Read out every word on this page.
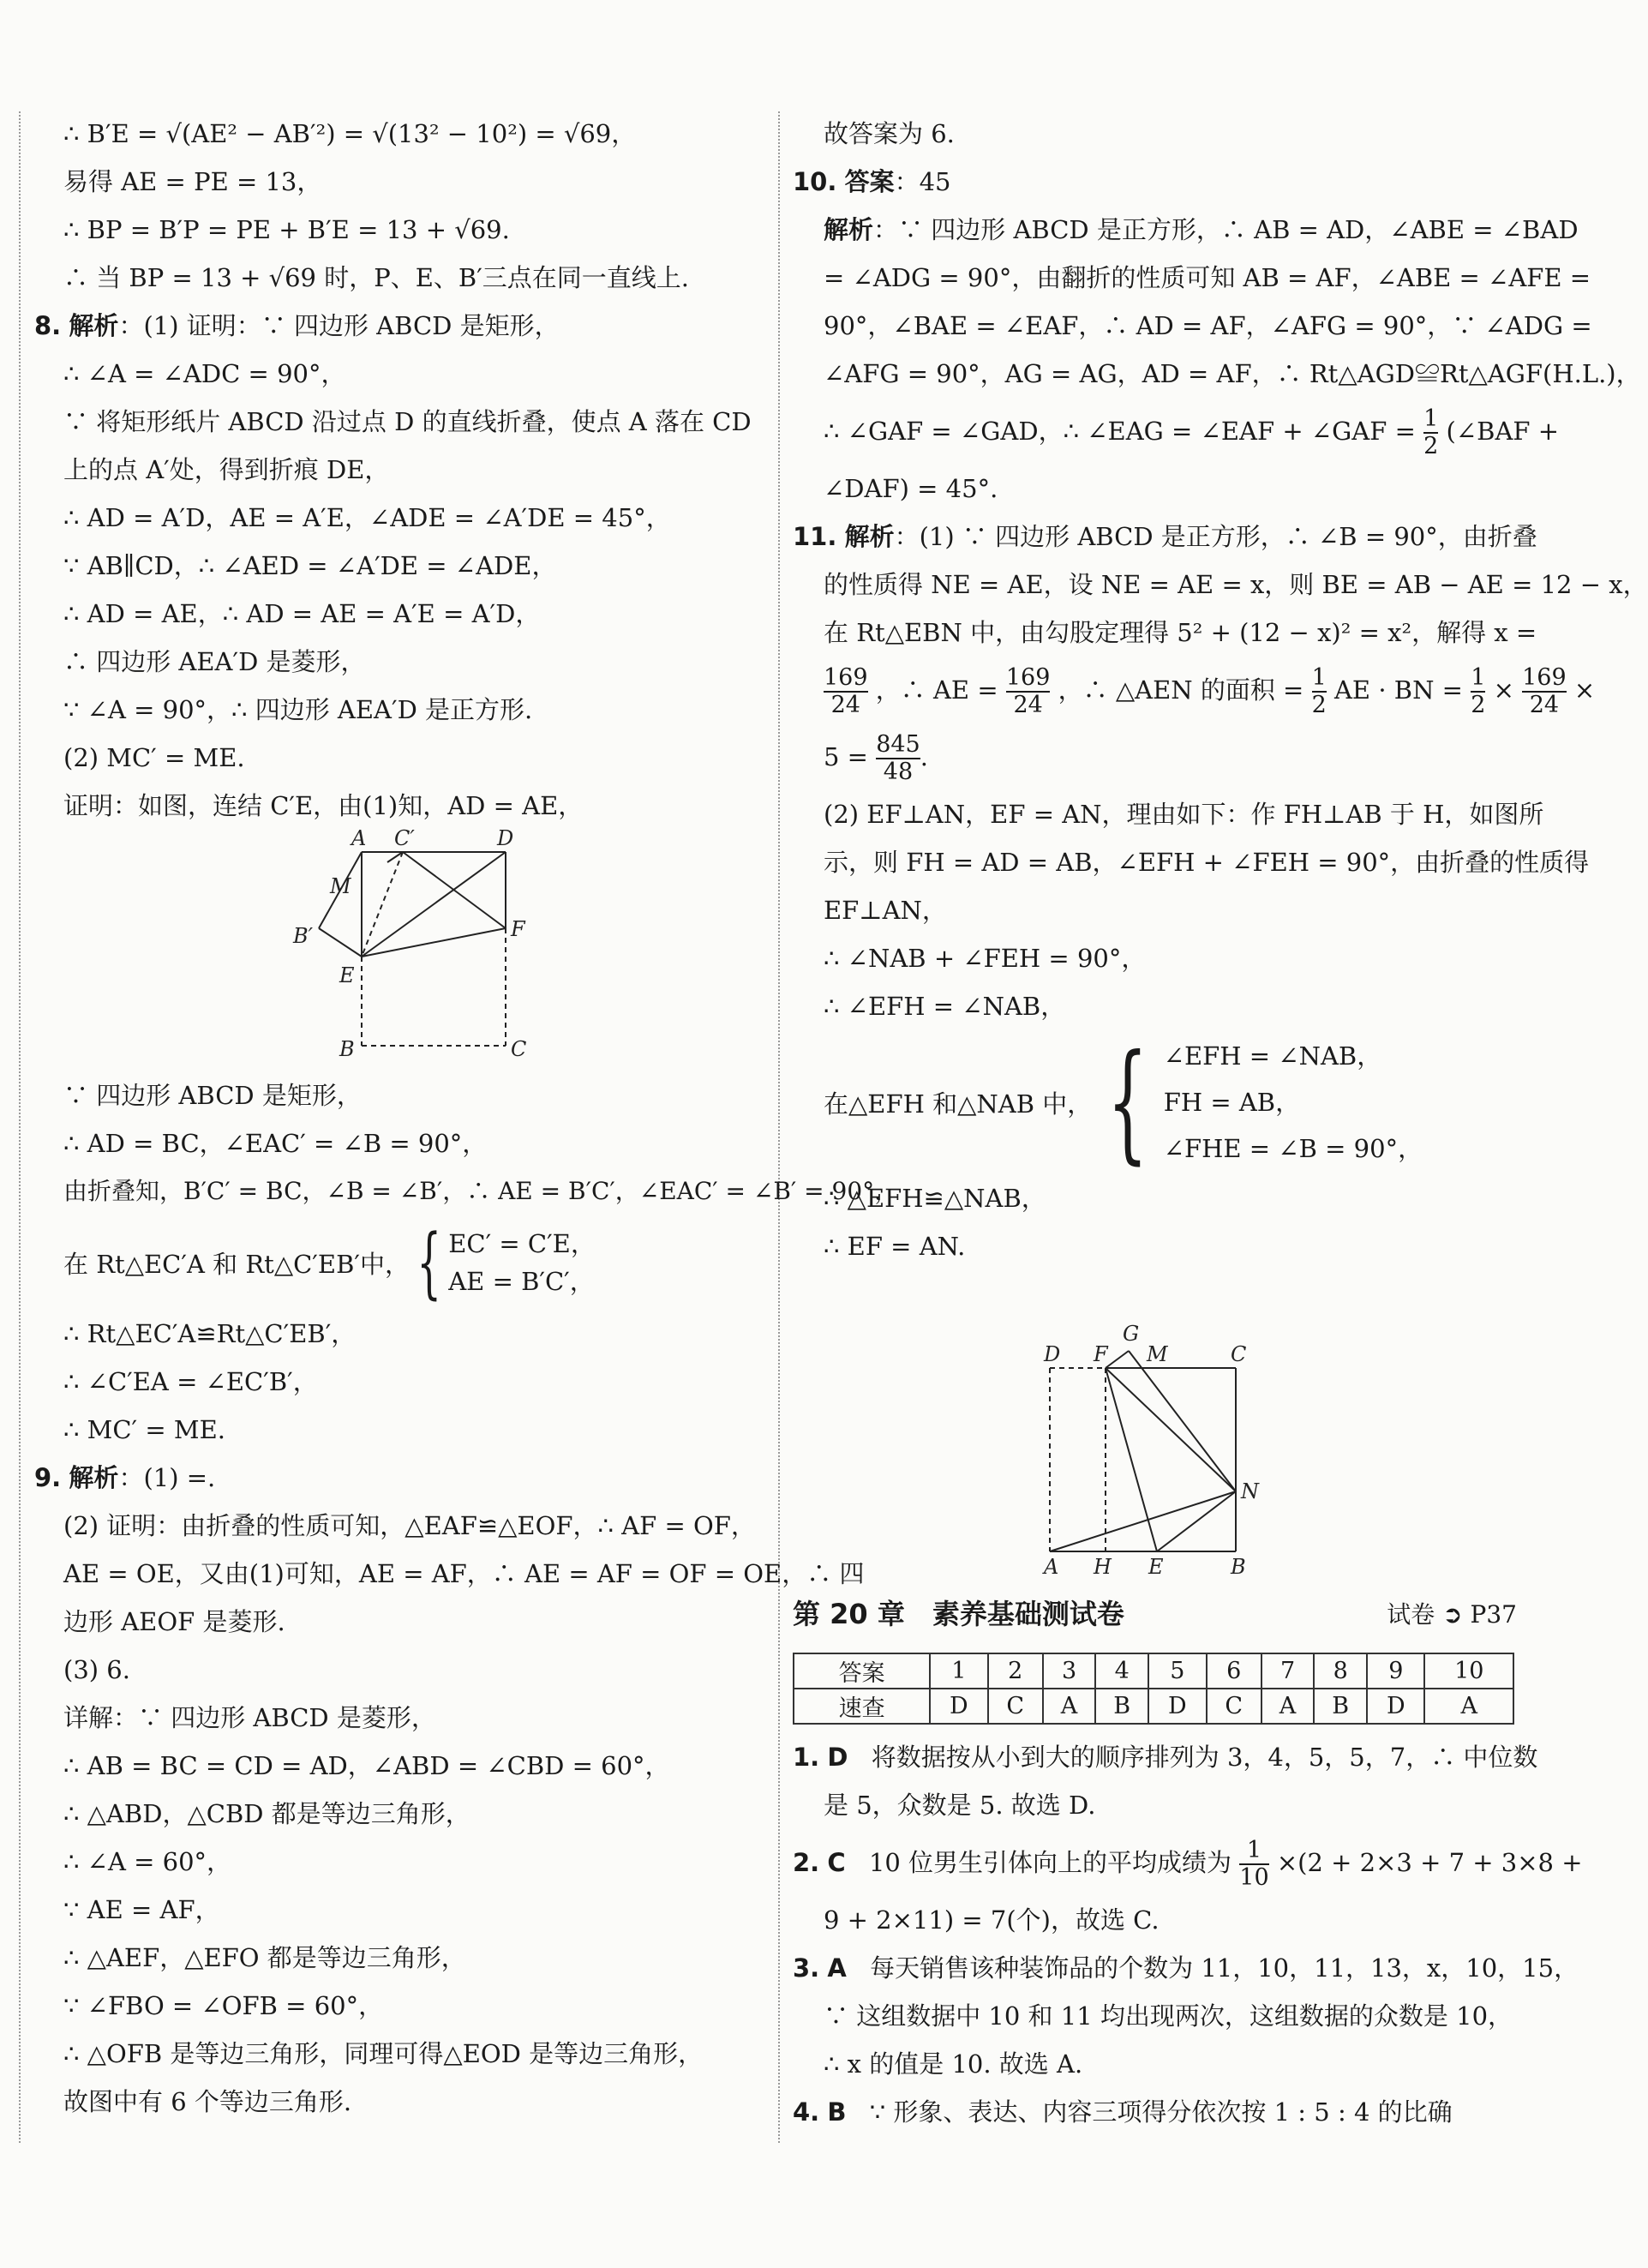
∴ B′E = √(AE² − AB′²) = √(13² − 10²) = √69，
易得 AE = PE = 13，
∴ BP = B′P = PE + B′E = 13 + √69.
∴ 当 BP = 13 + √69 时，P、E、B′三点在同一直线上.
8. 解析：(1) 证明：∵ 四边形 ABCD 是矩形，
∴ ∠A = ∠ADC = 90°，
∵ 将矩形纸片 ABCD 沿过点 D 的直线折叠，使点 A 落在 CD
上的点 A′处，得到折痕 DE，
∴ AD = A′D，AE = A′E，∠ADE = ∠A′DE = 45°，
∵ AB∥CD，∴ ∠AED = ∠A′DE = ∠ADE，
∴ AD = AE，∴ AD = AE = A′E = A′D，
∴ 四边形 AEA′D 是菱形，
∵ ∠A = 90°，∴ 四边形 AEA′D 是正方形.
(2) MC′ = ME.
证明：如图，连结 C′E，由(1)知，AD = AE，
A C′	D
M
F
B′
E
B	C
∵ 四边形 ABCD 是矩形，
∴ AD = BC，∠EAC′ = ∠B = 90°，
由折叠知，B′C′ = BC，∠B = ∠B′，∴ AE = B′C′，∠EAC′ = ∠B′ = 90°，
在 Rt△EC′A 和 Rt△C′EB′中， { EC′ = C′E，
AE = B′C′，
∴ Rt△EC′A≌Rt△C′EB′，
∴ ∠C′EA = ∠EC′B′，
∴ MC′ = ME.
9. 解析：(1) =.
(2) 证明：由折叠的性质可知，△EAF≌△EOF，∴ AF = OF，
AE = OE，又由(1)可知，AE = AF，∴ AE = AF = OF = OE，∴ 四
边形 AEOF 是菱形.
(3) 6.
详解：∵ 四边形 ABCD 是菱形，
∴ AB = BC = CD = AD，∠ABD = ∠CBD = 60°，
∴ △ABD，△CBD 都是等边三角形，
∴ ∠A = 60°，
∵ AE = AF，
∴ △AEF，△EFO 都是等边三角形，
∵ ∠FBO = ∠OFB = 60°，
∴ △OFB 是等边三角形，同理可得△EOD 是等边三角形，
故图中有 6 个等边三角形.
故答案为 6.
10. 答案：45
解析：∵ 四边形 ABCD 是正方形，∴ AB = AD，∠ABE = ∠BAD
= ∠ADG = 90°，由翻折的性质可知 AB = AF，∠ABE = ∠AFE =
90°，∠BAE = ∠EAF，∴ AD = AF，∠AFG = 90°，∵ ∠ADG =
∠AFG = 90°，AG = AG，AD = AF，∴ Rt△AGD≌Rt△AGF(H.L.)，
∴ ∠GAF = ∠GAD，∴ ∠EAG = ∠EAF + ∠GAF = $\frac{1}{2}$ (∠BAF +
∠DAF) = 45°.
11. 解析：(1) ∵ 四边形 ABCD 是正方形，∴ ∠B = 90°，由折叠
的性质得 NE = AE，设 NE = AE = x，则 BE = AB − AE = 12 − x，
在 Rt△EBN 中，由勾股定理得 5² + (12 − x)² = x²，解得 x =
$\frac{169}{24}$ ，∴ AE = $\frac{169}{24}$ ，∴ △AEN 的面积 = $\frac{1}{2}$ AE · BN = $\frac{1}{2} \times \frac{169}{24}$ ×
$5 = \frac{845}{48}$ .
(2) EF⊥AN，EF = AN，理由如下：作 FH⊥AB 于 H，如图所
示，则 FH = AD = AB，∠EFH + ∠FEH = 90°，由折叠的性质得
EF⊥AN，
∴ ∠NAB + ∠FEH = 90°，
∴ ∠EFH = ∠NAB，
在△EFH 和△NAB 中， { ∠EFH = ∠NAB，
FH = AB，
∠FHE = ∠B = 90°，
∴ △EFH≌△NAB，
∴ EF = AN.
G
D F M	C
N
A H E	B
第 20 章　素养基础测试卷	试卷 ➲ P37
答案	1	2	3	4	5	6	7	8	9	10
速查	D	C	A	B	D	C	A	B	D	A
1. D 将数据按从小到大的顺序排列为 3，4，5，5，7，∴ 中位数
是 5，众数是 5. 故选 D.
2. C 10 位男生引体向上的平均成绩为 $\frac{1}{10} \times(2 + 2\times 3 + 7 + 3\times 8$ +
9 + 2×11) = 7(个)，故选 C.
3. A 每天销售该种装饰品的个数为 11，10，11，13，x，10，15，
∵ 这组数据中 10 和 11 均出现两次，这组数据的众数是 10，
∴ x 的值是 10. 故选 A.
4. B ∵ 形象、表达、内容三项得分依次按 1 : 5 : 4 的比确
